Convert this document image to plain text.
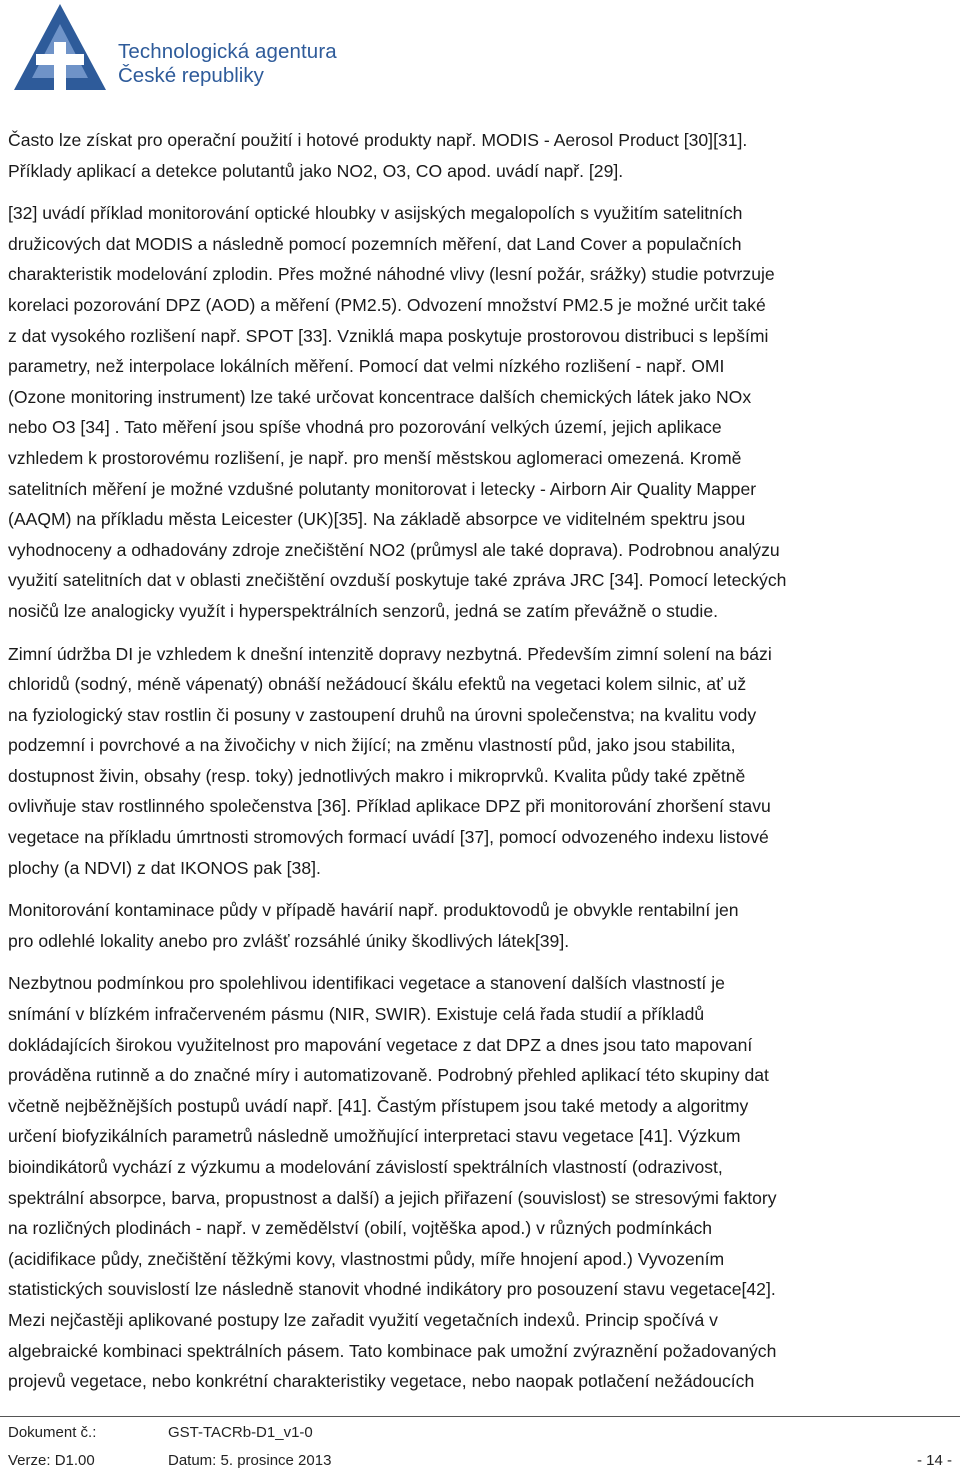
Technologická agentura
České republiky

Často lze získat pro operační použití i hotové produkty např. MODIS - Aerosol Product [30][31].

Příklady aplikací a detekce polutantů jako NO2, O3, CO apod. uvádí např. [29].

[32] uvádí příklad monitorování optické hloubky v asijských megalopolích s využitím satelitních

družicových dat MODIS a následně pomocí pozemních měření, dat Land Cover a populačních

charakteristik modelování zplodin. Přes možné náhodné vlivy (lesní požár, srážky) studie potvrzuje

korelaci pozorování DPZ (AOD) a měření (PM2.5). Odvození množství PM2.5 je možné určit také

z dat vysokého rozlišení např. SPOT [33]. Vzniklá mapa poskytuje prostorovou distribuci s lepšími

parametry, než interpolace lokálních měření. Pomocí dat velmi nízkého rozlišení - např. OMI

(Ozone monitoring instrument) lze také určovat koncentrace dalších chemických látek jako NOx

nebo O3 [34] . Tato měření jsou spíše vhodná pro pozorování velkých území, jejich aplikace

vzhledem k prostorovému rozlišení, je např. pro menší městskou aglomeraci omezená. Kromě

satelitních měření je možné vzdušné polutanty monitorovat i letecky - Airborn Air Quality Mapper

(AAQM) na příkladu města Leicester (UK)[35]. Na základě absorpce ve viditelném spektru jsou

vyhodnoceny a odhadovány zdroje znečištění NO2 (průmysl ale také doprava). Podrobnou analýzu

využití satelitních dat v oblasti znečištění ovzduší poskytuje také zpráva JRC [34]. Pomocí leteckých

nosičů lze analogicky využít i hyperspektrálních senzorů, jedná se zatím převážně o studie.

Zimní údržba DI je vzhledem k dnešní intenzitě dopravy nezbytná. Především zimní solení na bázi

chloridů (sodný, méně vápenatý) obnáší nežádoucí škálu efektů na vegetaci kolem silnic, ať už

na fyziologický stav rostlin či posuny v zastoupení druhů na úrovni společenstva; na kvalitu vody

podzemní i povrchové a na živočichy v nich žijící; na změnu vlastností půd, jako jsou stabilita,

dostupnost živin, obsahy (resp. toky) jednotlivých makro i mikroprvků. Kvalita půdy také zpětně

ovlivňuje stav rostlinného společenstva [36]. Příklad aplikace DPZ při monitorování zhoršení stavu

vegetace na příkladu úmrtnosti stromových formací uvádí [37], pomocí odvozeného indexu listové

plochy (a NDVI) z dat IKONOS pak [38].

Monitorování kontaminace půdy v případě havárií např. produktovodů je obvykle rentabilní jen

pro odlehlé lokality anebo pro zvlášť rozsáhlé úniky škodlivých látek[39].

Nezbytnou podmínkou pro spolehlivou identifikaci vegetace a stanovení dalších vlastností je

snímání v blízkém infračerveném pásmu (NIR, SWIR). Existuje celá řada studií a příkladů

dokládajících širokou využitelnost pro mapování vegetace z dat DPZ a dnes jsou tato mapovaní

prováděna rutinně a do značné míry i automatizovaně. Podrobný přehled aplikací této skupiny dat

včetně nejběžnějších postupů uvádí např. [41]. Častým přístupem jsou také metody a algoritmy

určení biofyzikálních parametrů následně umožňující interpretaci stavu vegetace [41]. Výzkum

bioindikátorů vychází z výzkumu a modelování závislostí spektrálních vlastností (odrazivost,

spektrální absorpce, barva, propustnost a další) a jejich přiřazení (souvislost) se stresovými faktory

na rozličných plodinách - např. v zemědělství (obilí, vojtěška apod.) v různých podmínkách

(acidifikace půdy, znečištění těžkými kovy, vlastnostmi půdy, míře hnojení apod.) Vyvozením

statistických souvislostí lze následně stanovit vhodné indikátory pro posouzení stavu vegetace[42].

Mezi nejčastěji aplikované postupy lze zařadit využití vegetačních indexů. Princip spočívá v

algebraické kombinaci spektrálních pásem. Tato kombinace pak umožní zvýraznění požadovaných

projevů vegetace, nebo konkrétní charakteristiky vegetace, nebo naopak potlačení nežádoucích

Dokument č.:	GST-TACRb-D1_v1-0
Verze: D1.00	Datum: 5. prosince 2013	- 14 -
